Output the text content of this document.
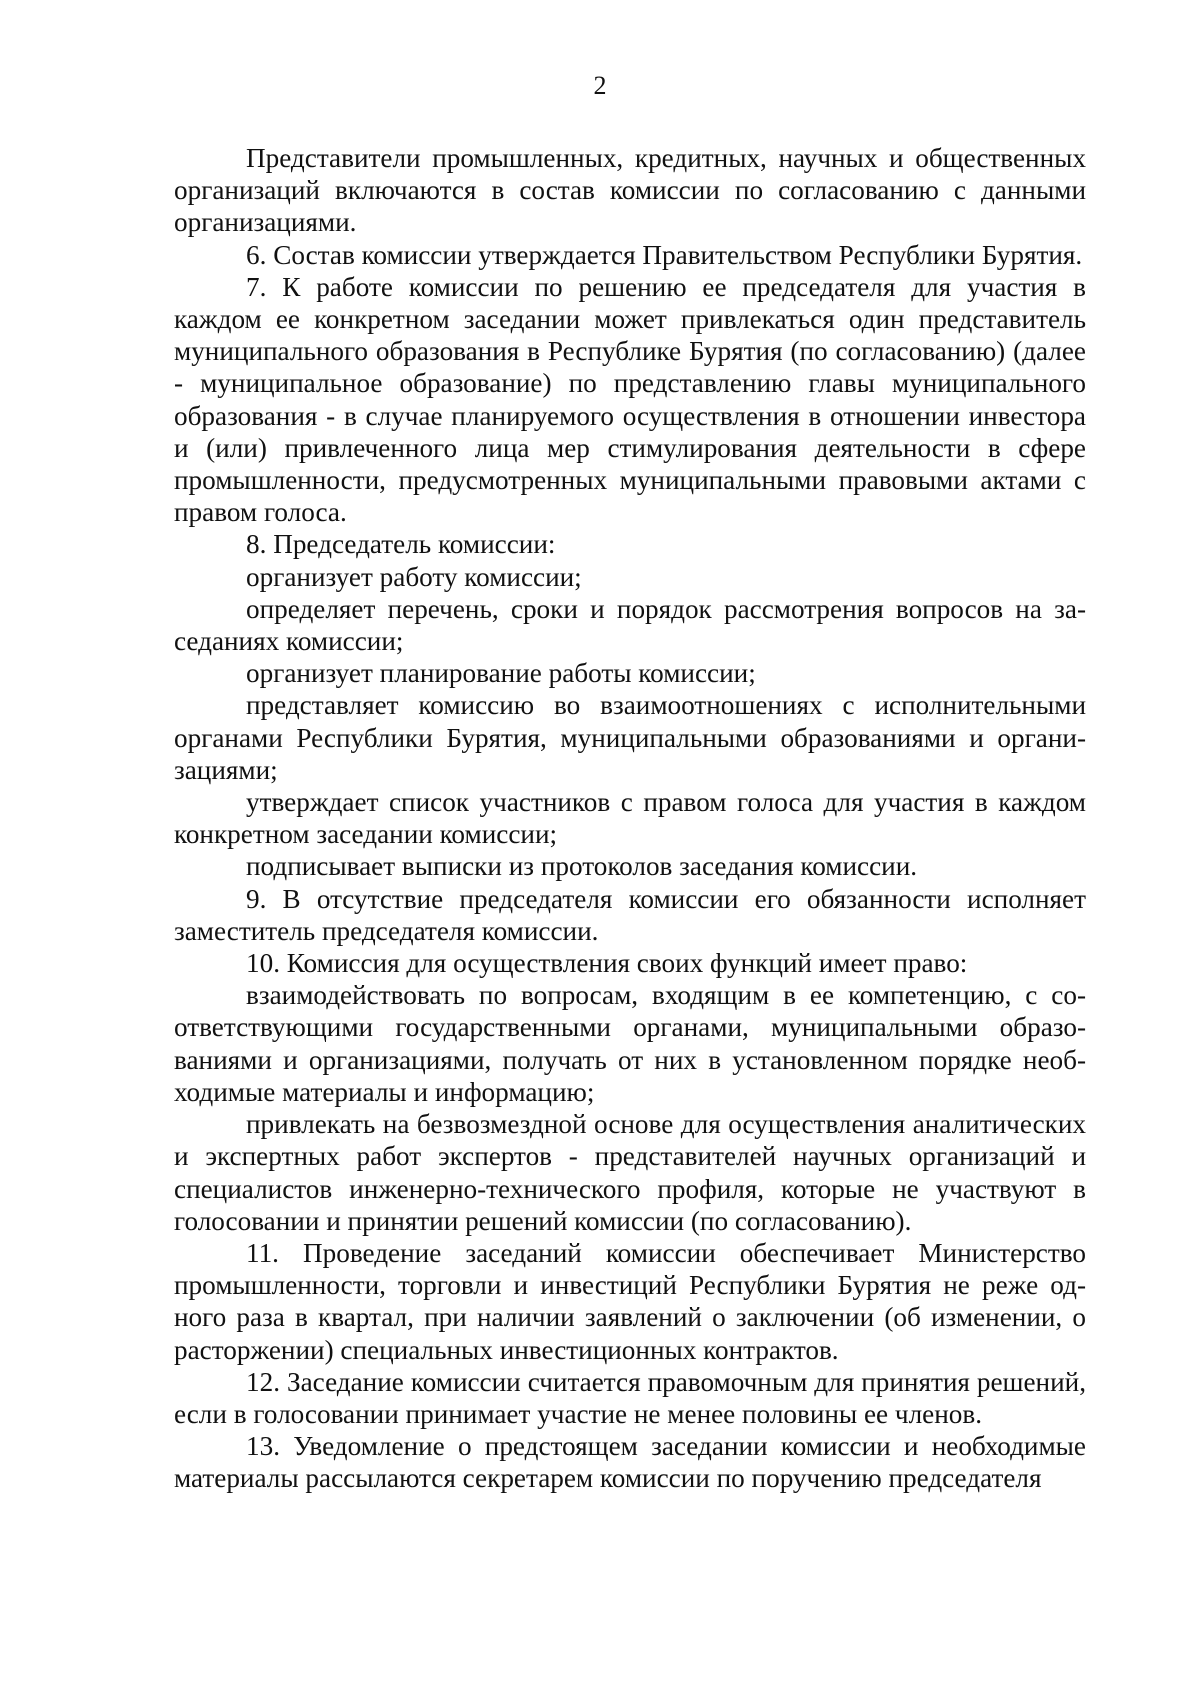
2

Представители промышленных, кредитных, научных и общественных организаций включаются в состав комиссии по согласованию с данными организациями.

6. Состав комиссии утверждается Правительством Республики Бурятия.

7. К работе комиссии по решению ее председателя для участия в каждом ее конкретном заседании может привлекаться один представитель муниципального образования в Республике Бурятия (по согласованию) (далее - муниципальное образование) по представлению главы муниципального образования - в случае планируемого осуществления в отношении инвестора и (или) привлеченного лица мер стимулирования деятельности в сфере промышленности, предусмотренных муниципальными правовыми актами с правом голоса.

8. Председатель комиссии:

организует работу комиссии;

определяет перечень, сроки и порядок рассмотрения вопросов на заседаниях комиссии;

организует планирование работы комиссии;

представляет комиссию во взаимоотношениях с исполнительными органами Республики Бурятия, муниципальными образованиями и организациями;

утверждает список участников с правом голоса для участия в каждом конкретном заседании комиссии;

подписывает выписки из протоколов заседания комиссии.

9. В отсутствие председателя комиссии его обязанности исполняет заместитель председателя комиссии.

10. Комиссия для осуществления своих функций имеет право:

взаимодействовать по вопросам, входящим в ее компетенцию, с соответствующими государственными органами, муниципальными образованиями и организациями, получать от них в установленном порядке необходимые материалы и информацию;

привлекать на безвозмездной основе для осуществления аналитических и экспертных работ экспертов - представителей научных организаций и специалистов инженерно-технического профиля, которые не участвуют в голосовании и принятии решений комиссии (по согласованию).

11. Проведение заседаний комиссии обеспечивает Министерство промышленности, торговли и инвестиций Республики Бурятия не реже одного раза в квартал, при наличии заявлений о заключении (об изменении, о расторжении) специальных инвестиционных контрактов.

12. Заседание комиссии считается правомочным для принятия решений, если в голосовании принимает участие не менее половины ее членов.

13. Уведомление о предстоящем заседании комиссии и необходимые материалы рассылаются секретарем комиссии по поручению председателя
